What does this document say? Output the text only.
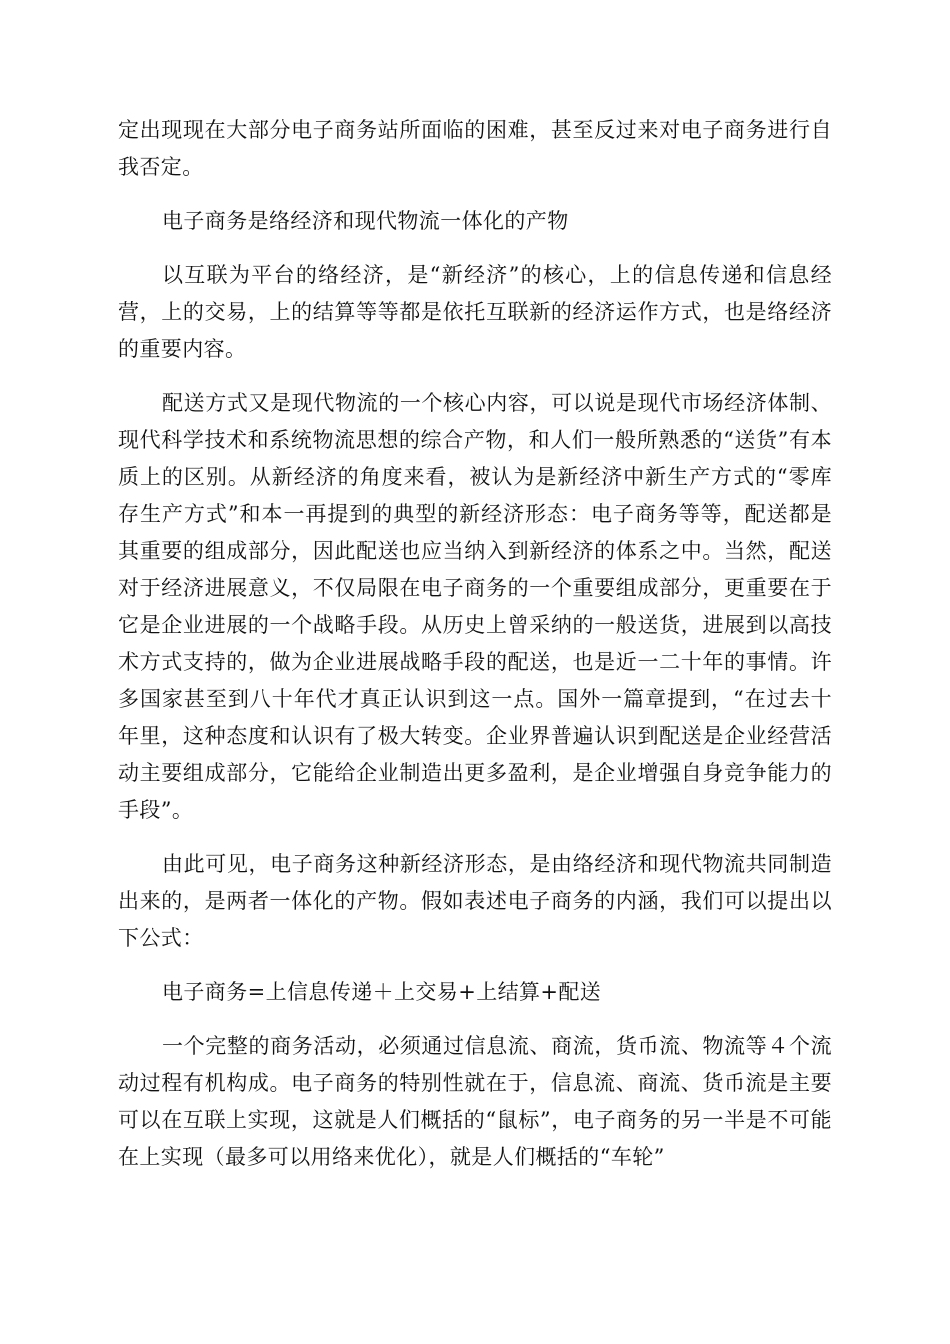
定出现现在大部分电子商务站所面临的困难，甚至反过来对电子商务进行自我否定。

电子商务是络经济和现代物流一体化的产物

以互联为平台的络经济，是“新经济”的核心，上的信息传递和信息经营，上的交易，上的结算等等都是依托互联新的经济运作方式，也是络经济的重要内容。

配送方式又是现代物流的一个核心内容，可以说是现代市场经济体制、现代科学技术和系统物流思想的综合产物，和人们一般所熟悉的“送货”有本质上的区别。从新经济的角度来看，被认为是新经济中新生产方式的“零库存生产方式”和本一再提到的典型的新经济形态：电子商务等等，配送都是其重要的组成部分，因此配送也应当纳入到新经济的体系之中。当然，配送对于经济进展意义，不仅局限在电子商务的一个重要组成部分，更重要在于它是企业进展的一个战略手段。从历史上曾采纳的一般送货，进展到以高技术方式支持的，做为企业进展战略手段的配送，也是近一二十年的事情。许多国家甚至到八十年代才真正认识到这一点。国外一篇章提到，“在过去十年里，这种态度和认识有了极大转变。企业界普遍认识到配送是企业经营活动主要组成部分，它能给企业制造出更多盈利，是企业增强自身竞争能力的手段”。

由此可见，电子商务这种新经济形态，是由络经济和现代物流共同制造出来的，是两者一体化的产物。假如表述电子商务的内涵，我们可以提出以下公式：

电子商务=上信息传递＋上交易+上结算+配送

一个完整的商务活动，必须通过信息流、商流，货币流、物流等４个流动过程有机构成。电子商务的特别性就在于，信息流、商流、货币流是主要可以在互联上实现，这就是人们概括的“鼠标”，电子商务的另一半是不可能在上实现（最多可以用络来优化），就是人们概括的“车轮”
